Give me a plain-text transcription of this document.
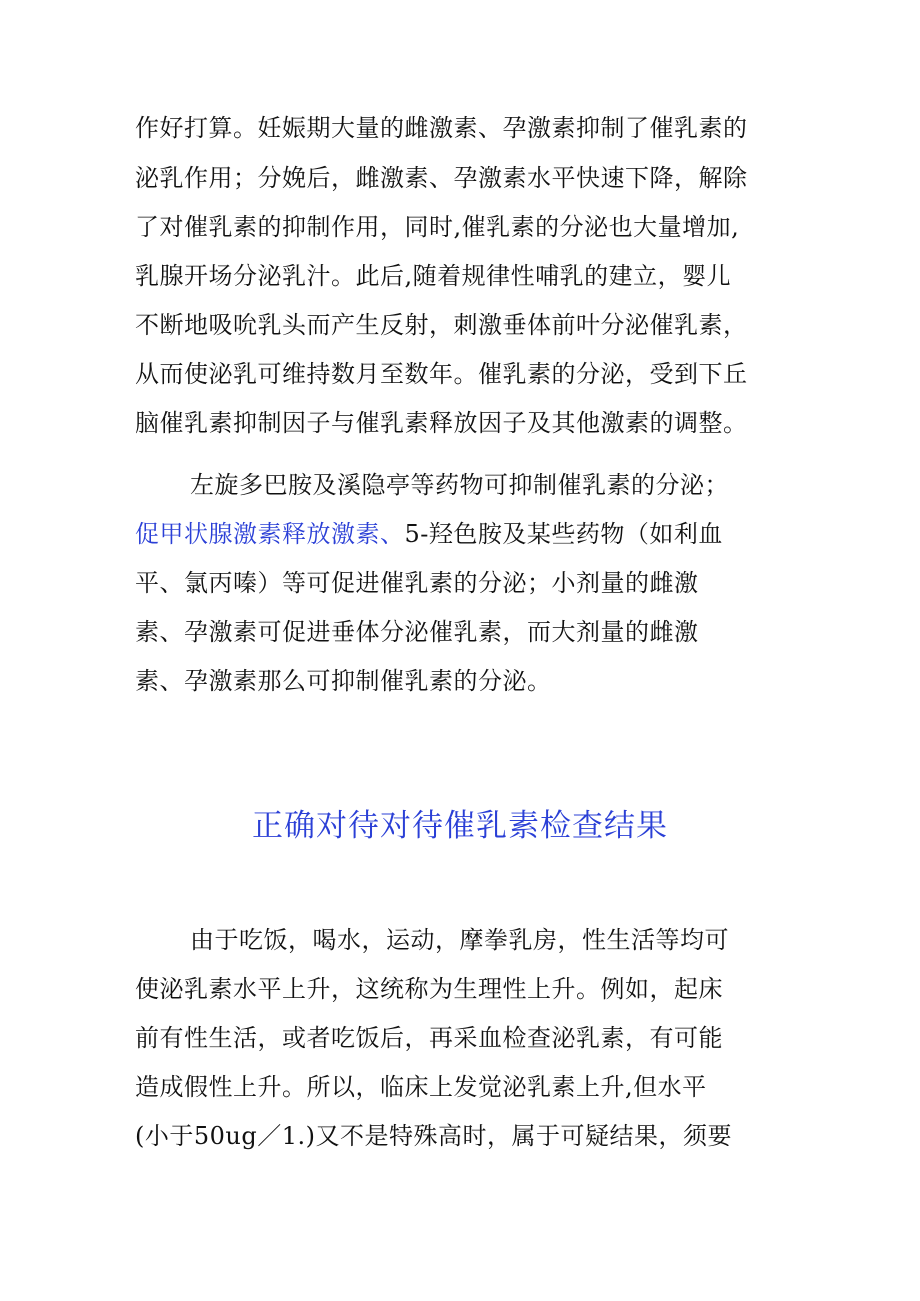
作好打算。妊娠期大量的雌激素、孕激素抑制了催乳素的
泌乳作用；分娩后，雌激素、孕激素水平快速下降，解除
了对催乳素的抑制作用，同时,催乳素的分泌也大量增加,
乳腺开场分泌乳汁。此后,随着规律性哺乳的建立，婴儿
不断地吸吮乳头而产生反射，刺激垂体前叶分泌催乳素，
从而使泌乳可维持数月至数年。催乳素的分泌，受到下丘
脑催乳素抑制因子与催乳素释放因子及其他激素的调整。
左旋多巴胺及溪隐亭等药物可抑制催乳素的分泌；
促甲状腺激素释放激素、5-羟色胺及某些药物（如利血
平、氯丙嗪）等可促进催乳素的分泌；小剂量的雌激
素、孕激素可促进垂体分泌催乳素，而大剂量的雌激
素、孕激素那么可抑制催乳素的分泌。
正确对待对待催乳素检查结果
由于吃饭，喝水，运动，摩拳乳房，性生活等均可
使泌乳素水平上升，这统称为生理性上升。例如，起床
前有性生活，或者吃饭后，再采血检查泌乳素，有可能
造成假性上升。所以，临床上发觉泌乳素上升,但水平
(小于50ug／1.)又不是特殊高时，属于可疑结果，须要
